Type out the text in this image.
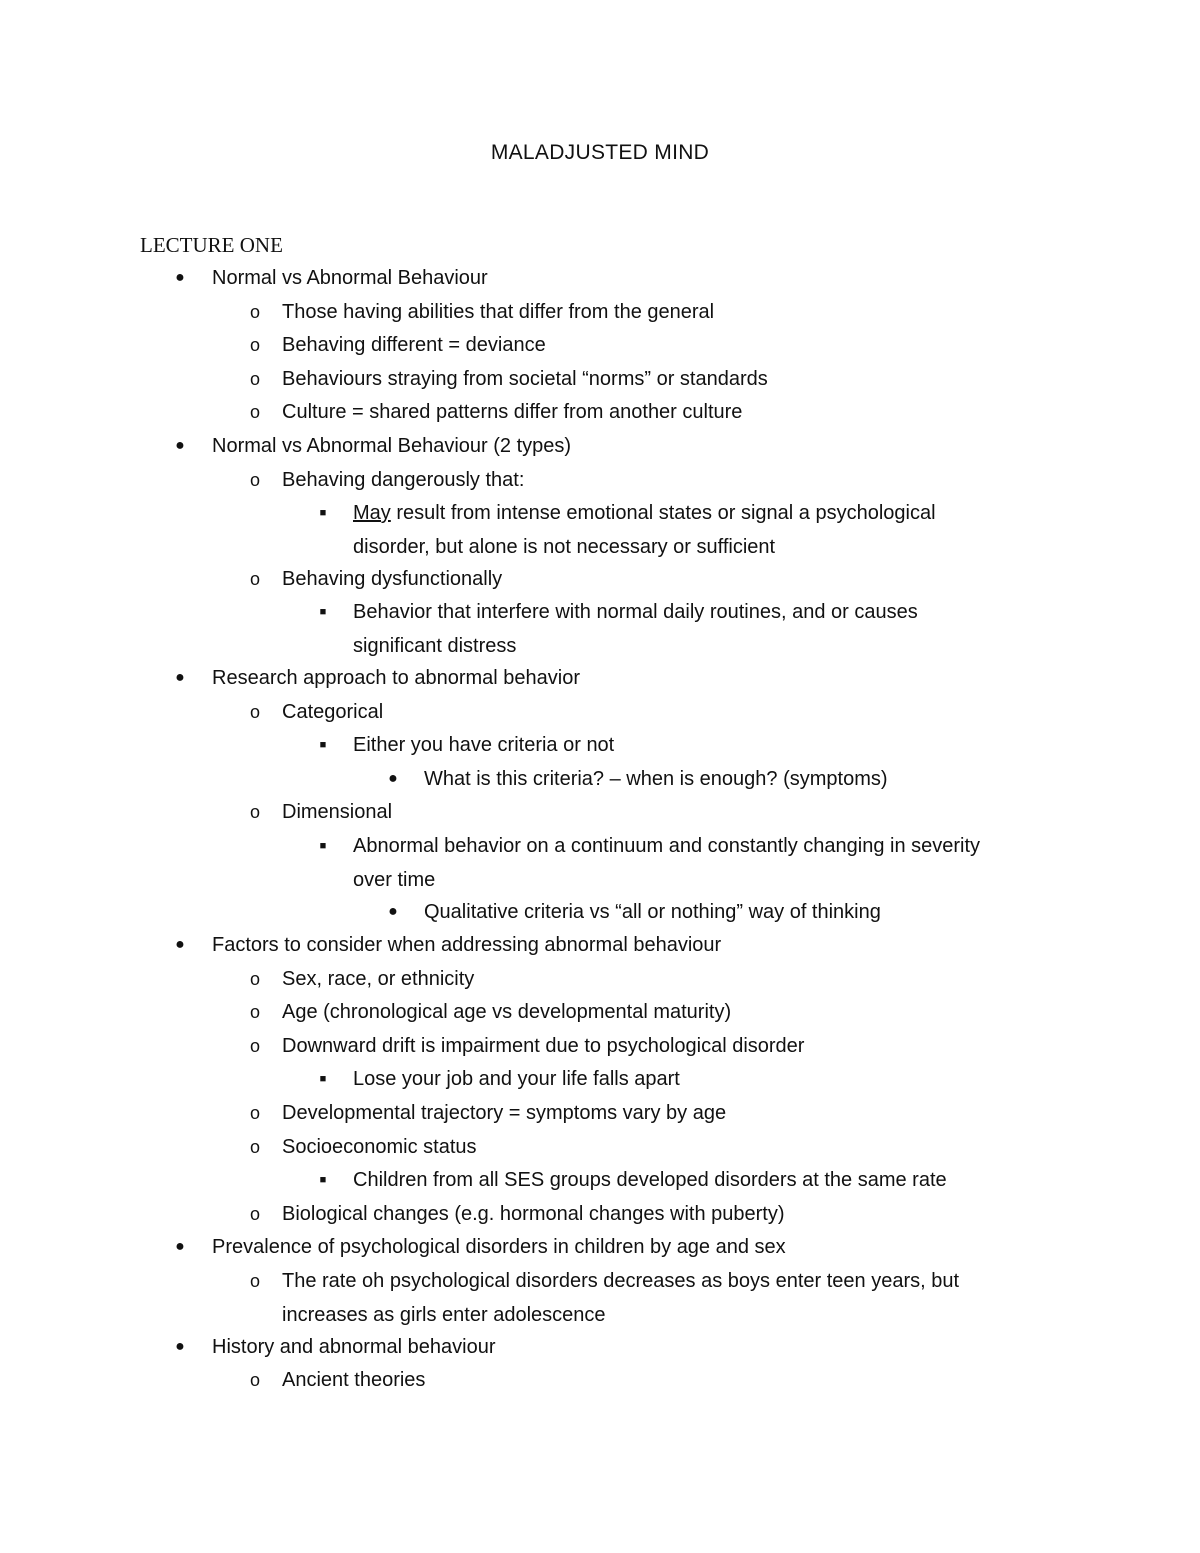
MALADJUSTED MIND
LECTURE ONE
● Normal vs Abnormal Behaviour
o Those having abilities that differ from the general
o Behaving different = deviance
o Behaviours straying from societal “norms” or standards
o Culture = shared patterns differ from another culture
● Normal vs Abnormal Behaviour (2 types)
o Behaving dangerously that:
■	May result from intense emotional states or signal a psychological
disorder, but alone is not necessary or sufficient
o Behaving dysfunctionally
■	Behavior that interfere with normal daily routines, and or causes
significant distress
● Research approach to abnormal behavior
o Categorical
■	Either you have criteria or not
● What is this criteria? – when is enough? (symptoms)
o Dimensional
■	Abnormal behavior on a continuum and constantly changing in severity
over time
● Qualitative criteria vs “all or nothing” way of thinking
● Factors to consider when addressing abnormal behaviour
o Sex, race, or ethnicity
o Age (chronological age vs developmental maturity)
o Downward drift is impairment due to psychological disorder
■	Lose your job and your life falls apart
o Developmental trajectory = symptoms vary by age
o Socioeconomic status
■	Children from all SES groups developed disorders at the same rate
o Biological changes (e.g. hormonal changes with puberty)
● Prevalence of psychological disorders in children by age and sex
o The rate oh psychological disorders decreases as boys enter teen years, but
increases as girls enter adolescence
● History and abnormal behaviour
o Ancient theories
